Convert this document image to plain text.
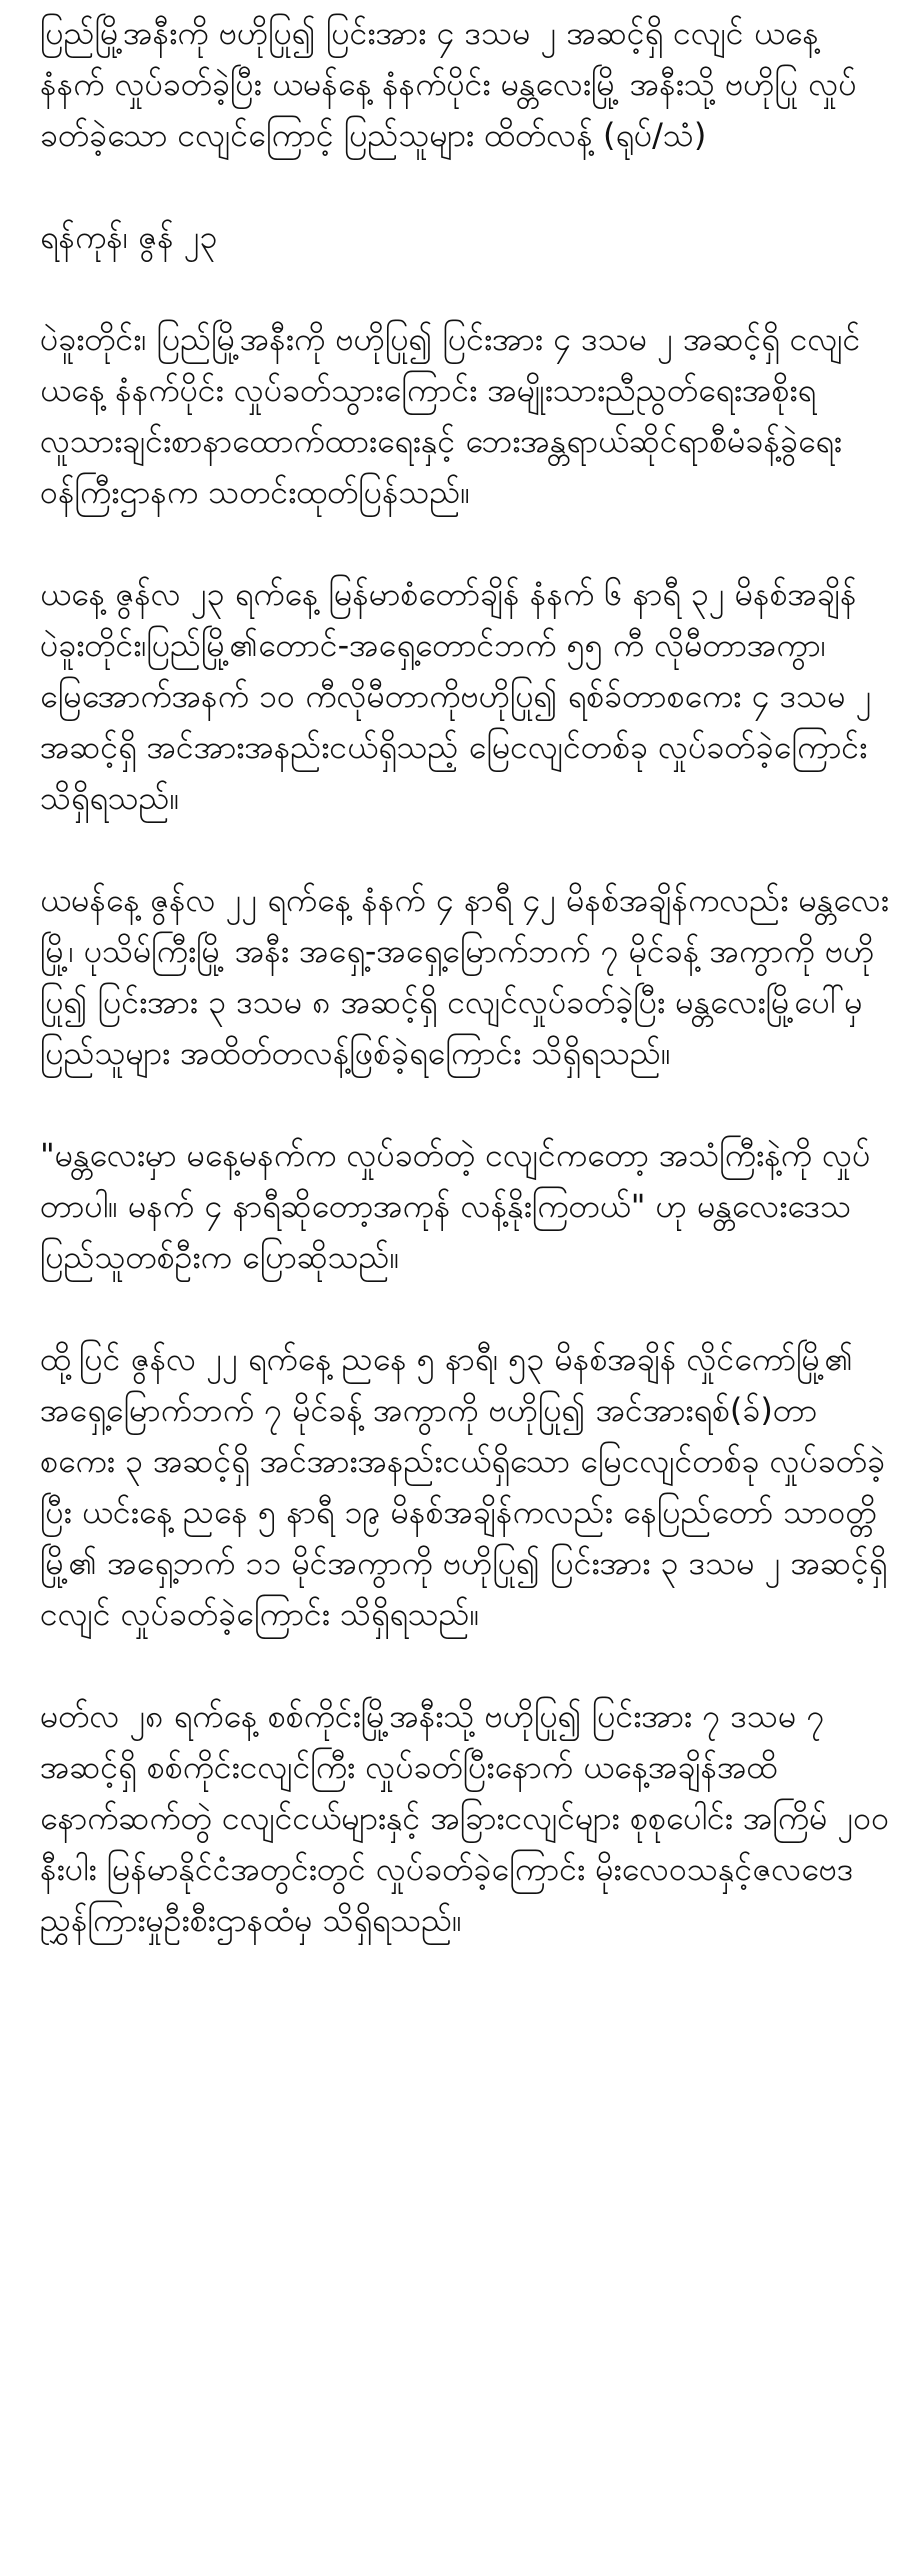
ပြည်မြို့အနီးကို ဗဟိုပြု၍ ပြင်းအား ၄ ဒသမ ၂ အဆင့်ရှိ ငလျင် ယနေ့ နံနက် လှုပ်ခတ်ခဲ့ပြီး ယမန်နေ့ နံနက်ပိုင်း မန္တလေးမြို့ အနီးသို့ ဗဟိုပြု လှုပ်ခတ်ခဲ့သော ငလျင်ကြောင့် ပြည်သူများ ထိတ်လန့် (ရုပ်/သံ)

ရန်ကုန်၊ ဇွန် ၂၃

ပဲခူးတိုင်း၊ ပြည်မြို့အနီးကို ဗဟိုပြု၍ ပြင်းအား ၄ ဒသမ ၂ အဆင့်ရှိ ငလျင် ယနေ့ နံနက်ပိုင်း လှုပ်ခတ်သွားကြောင်း အမျိုးသားညီညွတ်ရေးအစိုးရ လူသားချင်းစာနာထောက်ထားရေးနှင့် ဘေးအန္တရာယ်ဆိုင်ရာစီမံခန့်ခွဲရေးဝန်ကြီးဌာနက သတင်းထုတ်ပြန်သည်။

ယနေ့ ဇွန်လ ၂၃ ရက်နေ့ မြန်မာစံတော်ချိန် နံနက် ၆ နာရီ ၃၂ မိနစ်အချိန် ပဲခူးတိုင်း၊ပြည်မြို့၏တောင်-အရှေ့တောင်ဘက် ၅၅ ကီ လိုမီတာအကွာ၊ မြေအောက်အနက် ၁၀ ကီလိုမီတာကိုဗဟိုပြု၍ ရစ်ခ်တာစကေး ၄ ဒသမ ၂ အဆင့်ရှိ အင်အားအနည်းငယ်ရှိသည့် မြေငလျင်တစ်ခု လှုပ်ခတ်ခဲ့ကြောင်း သိရှိရသည်။

ယမန်နေ့ ဇွန်လ ၂၂ ရက်နေ့ နံနက် ၄ နာရီ ၄၂ မိနစ်အချိန်ကလည်း မန္တလေး မြို့၊ ပုသိမ်ကြီးမြို့ အနီး အရှေ့-အရှေ့မြောက်ဘက် ၇ မိုင်ခန့် အကွာကို ဗဟိုပြု၍ ပြင်းအား ၃ ဒသမ ၈ အဆင့်ရှိ ငလျင်လှုပ်ခတ်ခဲ့ပြီး မန္တလေးမြို့ပေါ်မှ ပြည်သူများ အထိတ်တလန့်ဖြစ်ခဲ့ရကြောင်း သိရှိရသည်။

"မန္တလေးမှာ မနေ့မနက်က လှုပ်ခတ်တဲ့ ငလျင်ကတော့ အသံကြီးနဲ့ကို လှုပ်တာပါ။ မနက် ၄ နာရီဆိုတော့အကုန် လန့်နိုးကြတယ်" ဟု မန္တလေးဒေသပြည်သူတစ်ဦးက ပြောဆိုသည်။

ထို့ပြင် ဇွန်လ ၂၂ ရက်နေ့ ညနေ ၅ နာရီ၊ ၅၃ မိနစ်အချိန် လှိုင်ကော်မြို့၏ အရှေ့မြောက်ဘက် ၇ မိုင်ခန့် အကွာကို ဗဟိုပြု၍ အင်အားရစ်(ခ်)တာစကေး ၃ အဆင့်ရှိ အင်အားအနည်းငယ်ရှိသော မြေငလျင်တစ်ခု လှုပ်ခတ်ခဲ့ပြီး ယင်းနေ့ ညနေ ၅ နာရီ ၁၉ မိနစ်အချိန်ကလည်း နေပြည်တော် သာဝတ္တိမြို့၏ အရှေ့ဘက် ၁၁ မိုင်အကွာကို ဗဟိုပြု၍ ပြင်းအား ၃ ဒသမ ၂ အဆင့်ရှိ ငလျင် လှုပ်ခတ်ခဲ့ကြောင်း သိရှိရသည်။

မတ်လ ၂၈ ရက်နေ့ စစ်ကိုင်းမြို့အနီးသို့ ဗဟိုပြု၍ ပြင်းအား ၇ ဒသမ ၇ အဆင့်ရှိ စစ်ကိုင်းငလျင်ကြီး လှုပ်ခတ်ပြီးနောက် ယနေ့အချိန်အထိ နောက်ဆက်တွဲ ငလျင်ငယ်များနှင့် အခြားငလျင်များ စုစုပေါင်း အကြိမ် ၂၀၀ နီးပါး မြန်မာနိုင်ငံအတွင်းတွင် လှုပ်ခတ်ခဲ့ကြောင်း မိုးလေဝသနှင့်ဇလဗေဒညွှန်ကြားမှုဦးစီးဌာနထံမှ သိရှိရသည်။
